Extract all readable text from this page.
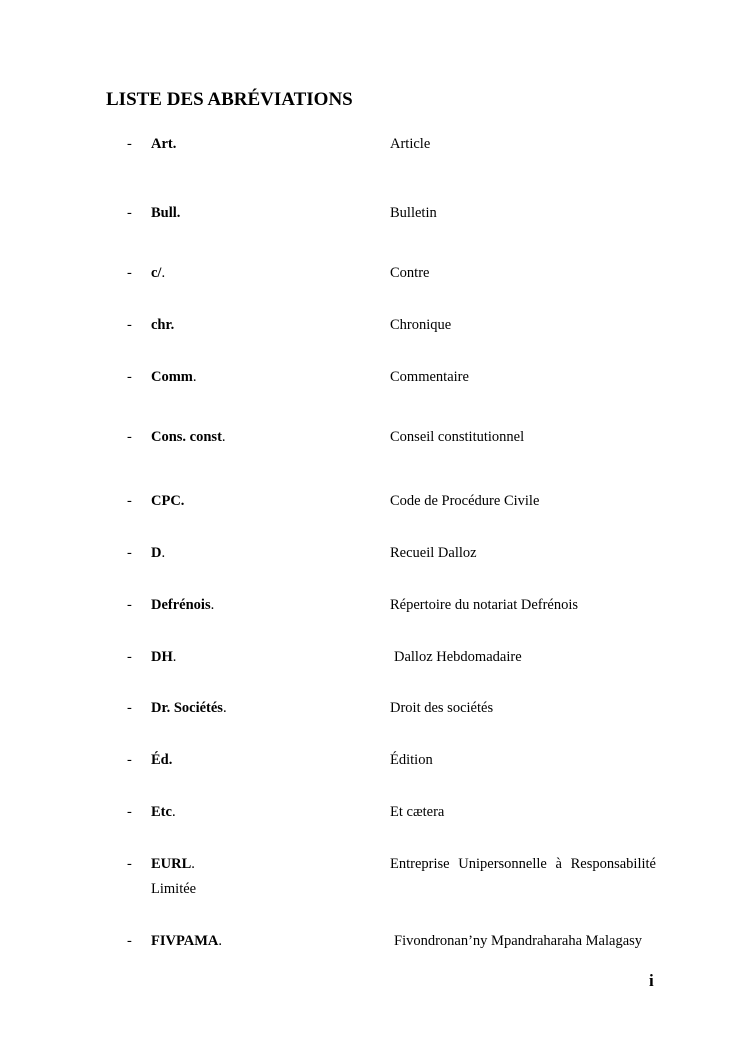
LISTE DES ABRÉVIATIONS
- Art.	Article
- Bull.	Bulletin
- c/.	Contre
- chr.	Chronique
- Comm.	Commentaire
- Cons. const.	Conseil constitutionnel
- CPC.	Code de Procédure Civile
- D.	Recueil Dalloz
- Defrénois.	Répertoire du notariat Defrénois
- DH.	Dalloz Hebdomadaire
- Dr. Sociétés.	Droit des sociétés
- Éd.	Édition
- Etc.	Et cætera
- EURL.	Entreprise Unipersonnelle à Responsabilité
Limitée
- FIVPAMA.	Fivondronan’ny Mpandraharaha Malagasy
i
